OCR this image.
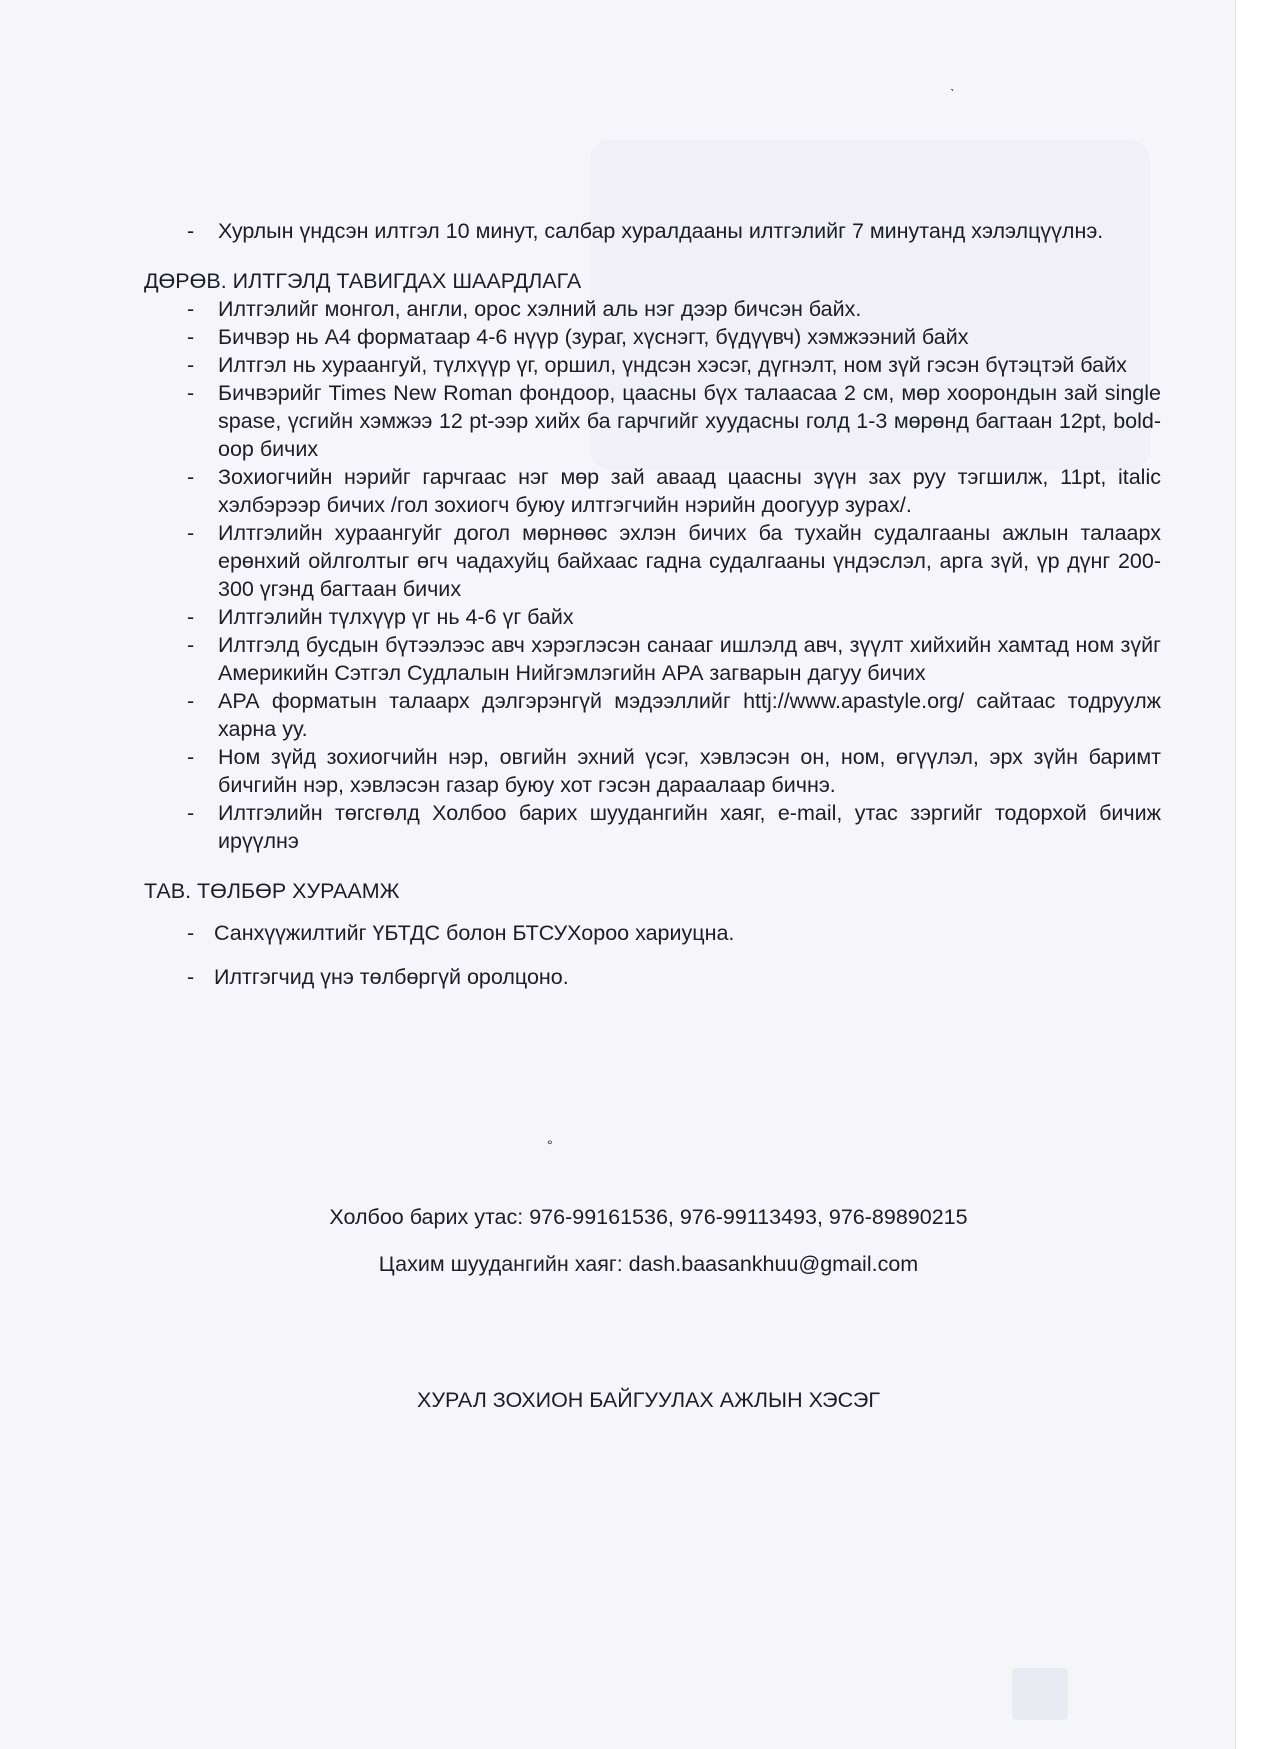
ˋ
- Хурлын үндсэн илтгэл 10 минут, салбар хуралдааны илтгэлийг 7 минутанд хэлэлцүүлнэ.
ДӨРӨВ. ИЛТГЭЛД ТАВИГДАХ ШААРДЛАГА
- Илтгэлийг монгол, англи, орос хэлний аль нэг дээр бичсэн байх.
- Бичвэр нь А4 форматаар 4-6 нүүр (зураг, хүснэгт, бүдүүвч) хэмжээний байх
- Илтгэл нь хураангуй, түлхүүр үг, оршил, үндсэн хэсэг, дүгнэлт, ном зүй гэсэн бүтэцтэй байх
- Бичвэрийг Times New Roman фондоор, цаасны бүх талаасаа 2 см, мөр хоорондын зай single spase, үсгийн хэмжээ 12 pt-ээр хийх ба гарчгийг хуудасны голд 1-3 мөрөнд багтаан 12pt, bold-оор бичих
- Зохиогчийн нэрийг гарчгаас нэг мөр зай аваад цаасны зүүн зах руу тэгшилж, 11pt, italic хэлбэрээр бичих /гол зохиогч буюу илтгэгчийн нэрийн доогуур зурах/.
- Илтгэлийн хураангуйг догол мөрнөөс эхлэн бичих ба тухайн судалгааны ажлын талаарх ерөнхий ойлголтыг өгч чадахуйц байхаас гадна судалгааны үндэслэл, арга зүй, үр дүнг 200-300 үгэнд багтаан бичих
- Илтгэлийн түлхүүр үг нь 4-6 үг байх
- Илтгэлд бусдын бүтээлээс авч хэрэглэсэн санааг ишлэлд авч, зүүлт хийхийн хамтад ном зүйг Америкийн Сэтгэл Судлалын Нийгэмлэгийн АРА загварын дагуу бичих
- АРА форматын талаарх дэлгэрэнгүй мэдээллийг httj://www.apastyle.org/ сайтаас тодруулж харна уу.
- Ном зүйд зохиогчийн нэр, овгийн эхний үсэг, хэвлэсэн он, ном, өгүүлэл, эрх зүйн баримт бичгийн нэр, хэвлэсэн газар буюу хот гэсэн дараалаар бичнэ.
- Илтгэлийн төгсгөлд Холбоо барих шуудангийн хаяг, e-mail, утас зэргийг тодорхой бичиж ирүүлнэ
ТАВ. ТӨЛБӨР ХУРААМЖ
- Санхүүжилтийг ҮБТДС болон БТСУХороо хариуцна.
- Илтгэгчид үнэ төлбөргүй оролцоно.
°
Холбоо барих утас: 976-99161536, 976-99113493, 976-89890215
Цахим шуудангийн хаяг: dash.baasankhuu@gmail.com
ХУРАЛ ЗОХИОН БАЙГУУЛАХ АЖЛЫН ХЭСЭГ
